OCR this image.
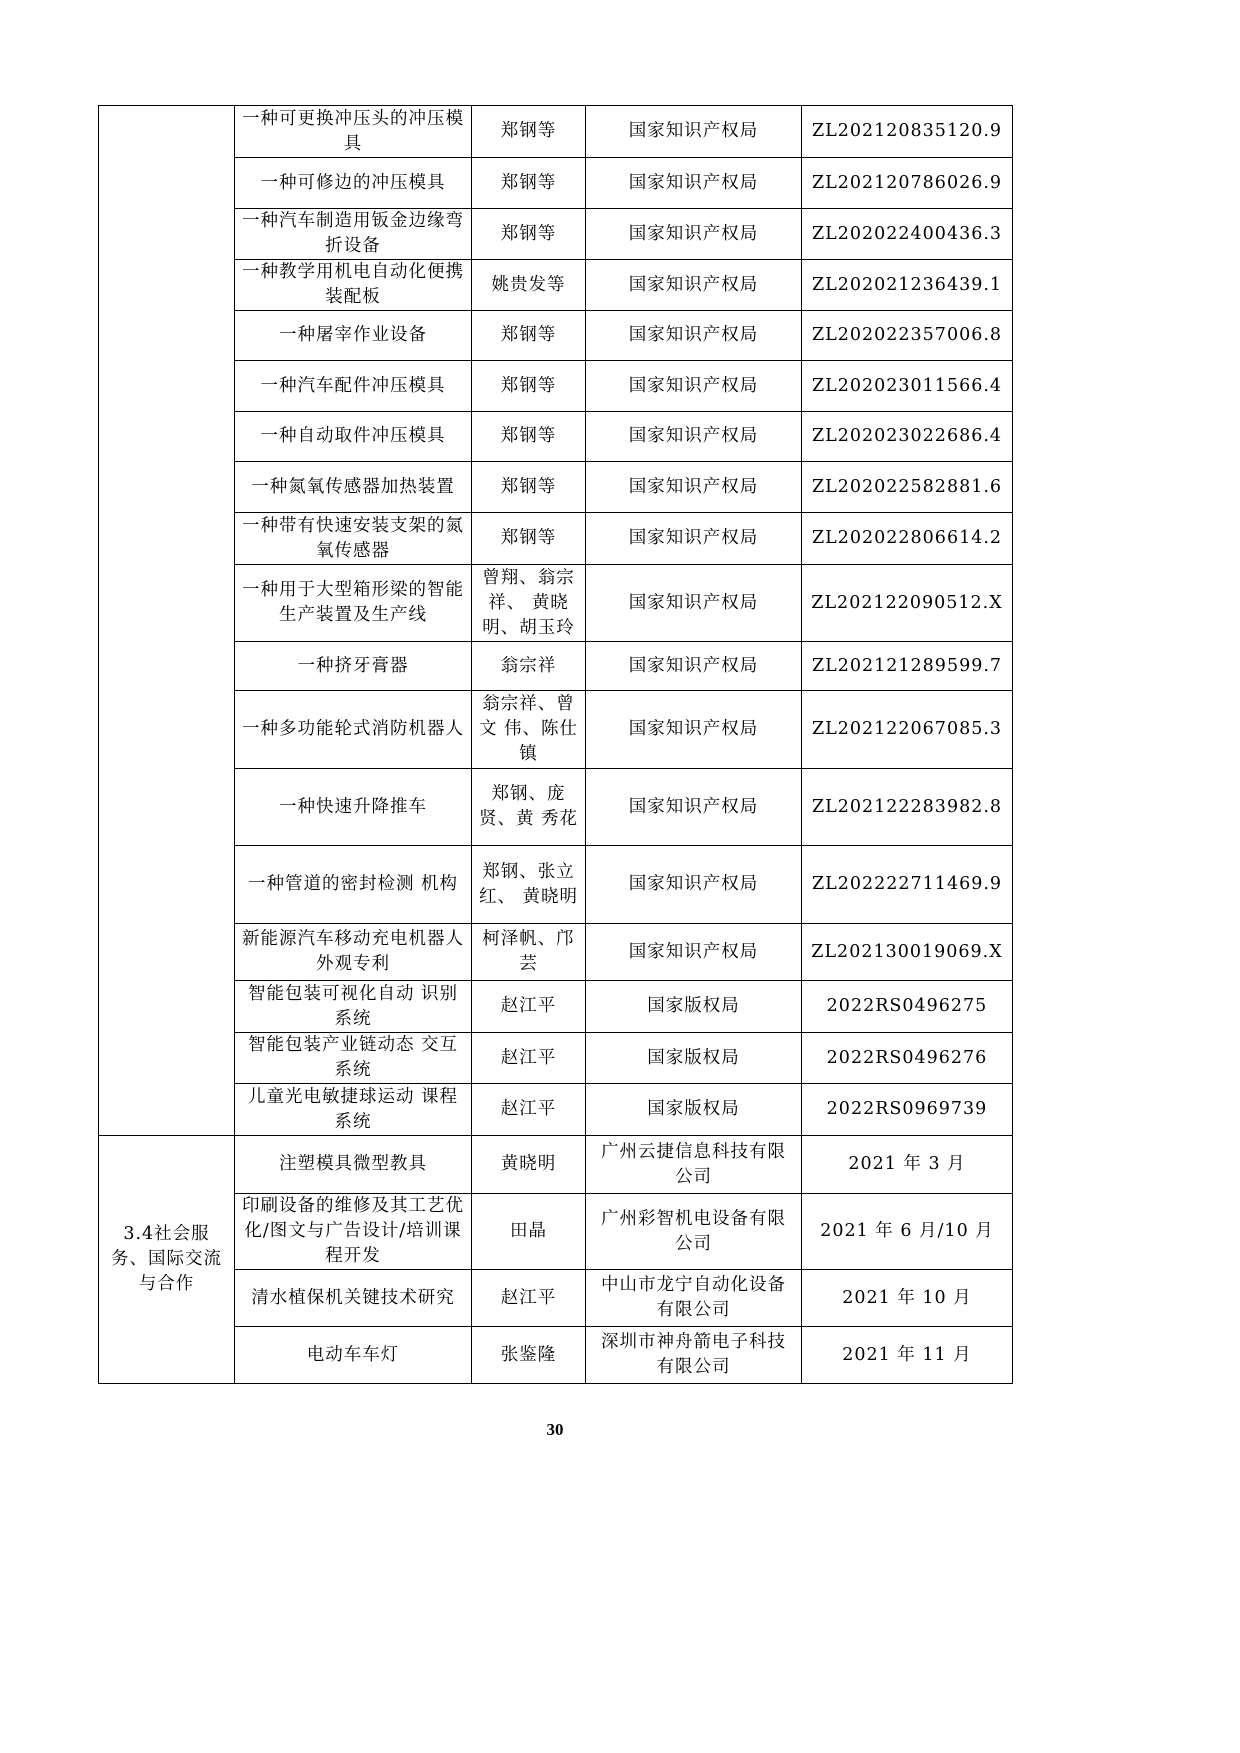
	一种可更换冲压头的冲压模具	郑钢等	国家知识产权局	ZL202120835120.9
	一种可修边的冲压模具	郑钢等	国家知识产权局	ZL202120786026.9
	一种汽车制造用钣金边缘弯折设备	郑钢等	国家知识产权局	ZL202022400436.3
	一种教学用机电自动化便携装配板	姚贵发等	国家知识产权局	ZL202021236439.1
	一种屠宰作业设备	郑钢等	国家知识产权局	ZL202022357006.8
	一种汽车配件冲压模具	郑钢等	国家知识产权局	ZL202023011566.4
	一种自动取件冲压模具	郑钢等	国家知识产权局	ZL202023022686.4
	一种氮氧传感器加热装置	郑钢等	国家知识产权局	ZL202022582881.6
	一种带有快速安装支架的氮氧传感器	郑钢等	国家知识产权局	ZL202022806614.2
	一种用于大型箱形梁的智能生产装置及生产线	曾翔、翁宗祥、 黄晓明、胡玉玲	国家知识产权局	ZL202122090512.X
	一种挤牙膏器	翁宗祥	国家知识产权局	ZL202121289599.7
	一种多功能轮式消防机器人	翁宗祥、曾文 伟、陈仕镇	国家知识产权局	ZL202122067085.3
	一种快速升降推车	郑钢、庞贤、黄 秀花	国家知识产权局	ZL202122283982.8
	一种管道的密封检测 机构	郑钢、张立红、 黄晓明	国家知识产权局	ZL202222711469.9
	新能源汽车移动充电机器人外观专利	柯泽帆、邝芸	国家知识产权局	ZL202130019069.X
	智能包装可视化自动 识别系统	赵江平	国家版权局	2022RS0496275
	智能包装产业链动态 交互系统	赵江平	国家版权局	2022RS0496276
	儿童光电敏捷球运动 课程系统	赵江平	国家版权局	2022RS0969739
3.4社会服务、国际交流与合作	注塑模具微型教具	黄晓明	广州云捷信息科技有限公司	2021 年 3 月
	印刷设备的维修及其工艺优化/图文与广告设计/培训课程开发	田晶	广州彩智机电设备有限公司	2021 年 6 月/10 月
	清水植保机关键技术研究	赵江平	中山市龙宁自动化设备有限公司	2021 年 10 月
	电动车车灯	张鉴隆	深圳市神舟箭电子科技有限公司	2021 年 11 月
30
